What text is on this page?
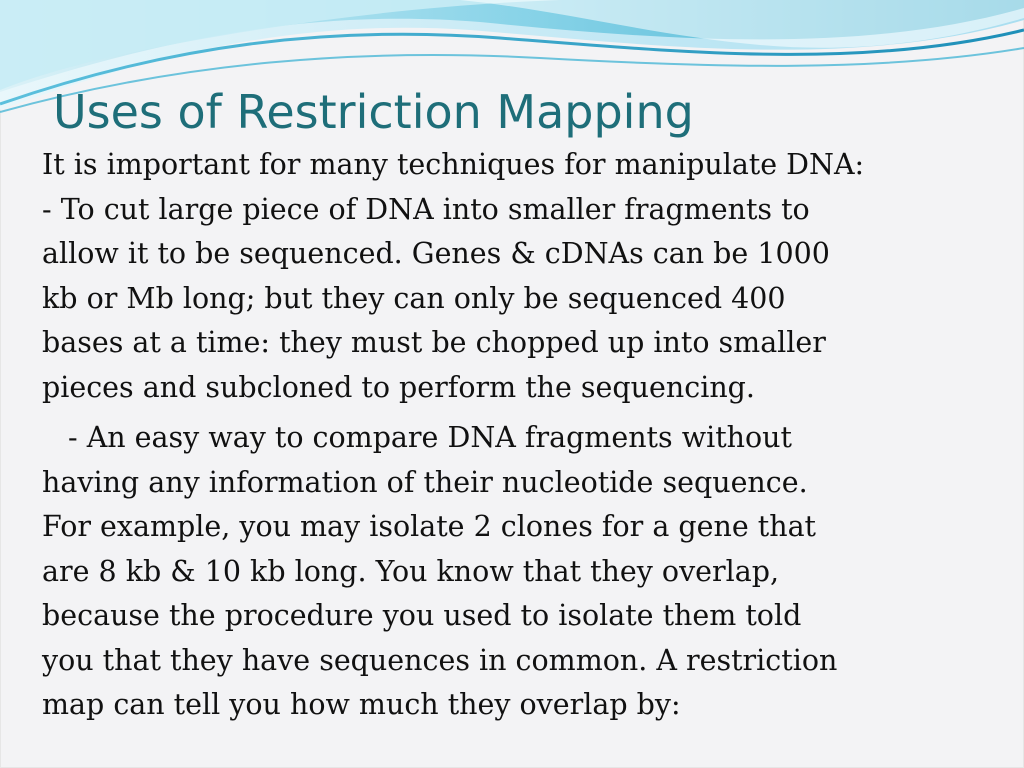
Uses of Restriction Mapping

It is important for many techniques for manipulate DNA:
- To cut large piece of DNA into smaller fragments to
allow it to be sequenced. Genes & cDNAs can be 1000
kb or Mb long; but they can only be sequenced 400
bases at a time: they must be chopped up into smaller
pieces and subcloned to perform the sequencing.

- An easy way to compare DNA fragments without
having any information of their nucleotide sequence.
For example, you may isolate 2 clones for a gene that
are 8 kb & 10 kb long. You know that they overlap,
because the procedure you used to isolate them told
you that they have sequences in common. A restriction
map can tell you how much they overlap by:
